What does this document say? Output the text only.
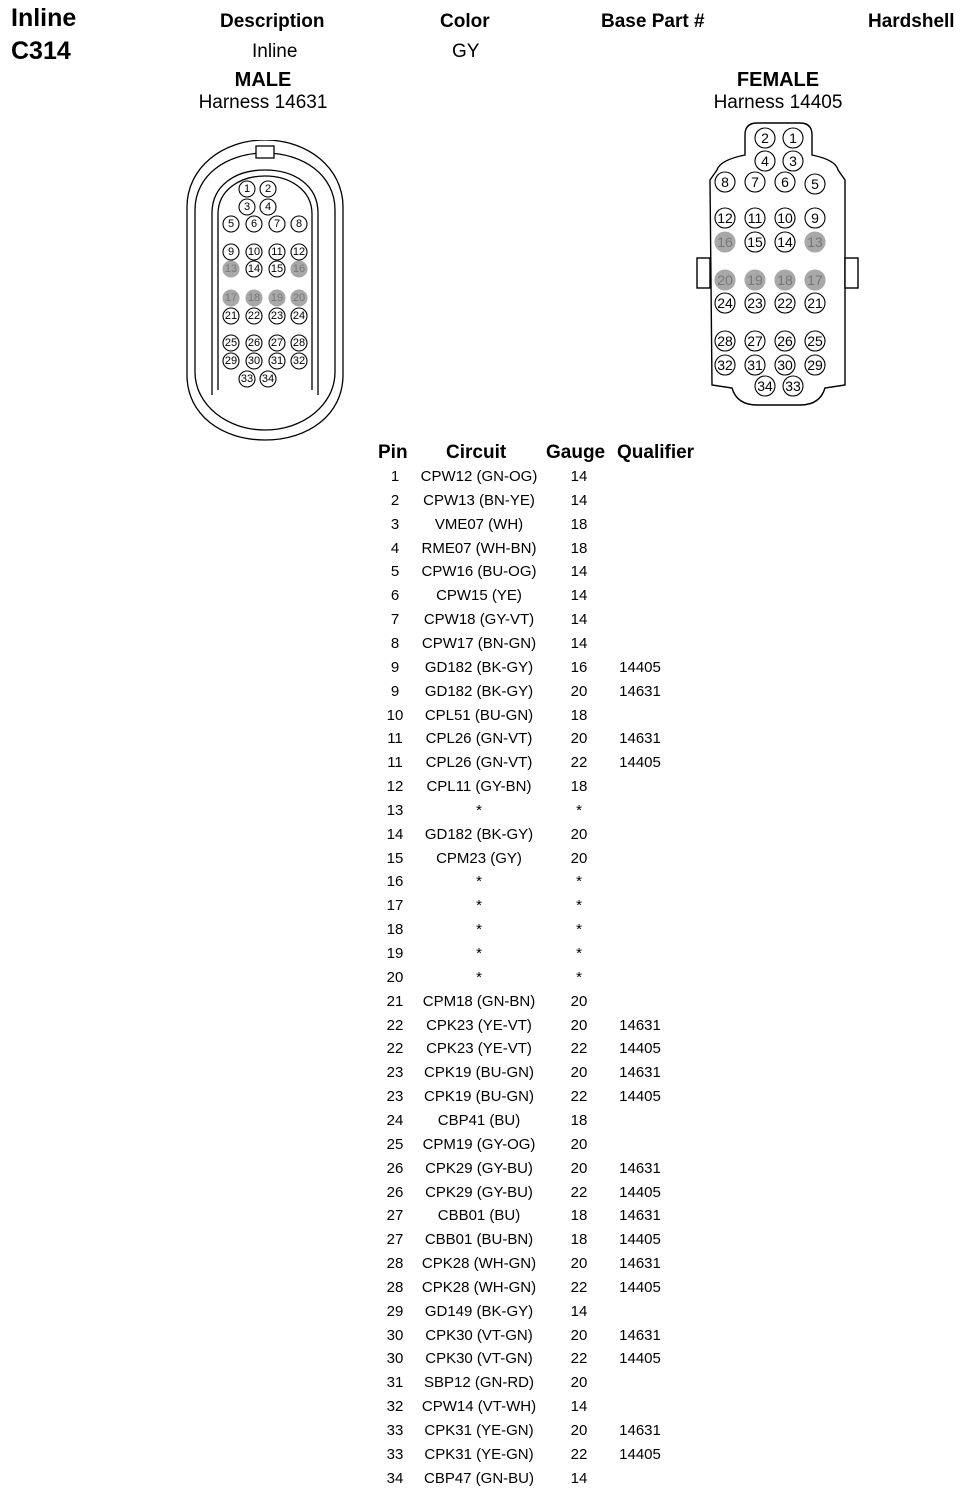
Inline
C314
Description	Color	Base Part #	Hardshell
Inline	GY
MALE
Harness 14631
FEMALE
Harness 14405
1 2
3 4
5 6 7 8
9 10 11 12
13 14 15 16
17 18 19 20
21 22 23 24
25 26 27 28
29 30 31 32
33 34
1
2
3
4
5
6
7
8
9
10
11
12
13
14
15
16
17
18
19
20
21
22
23
24
25
26
27
28
29
30
31
32
33
34
Pin Circuit Gauge Qualifier
1	CPW12 (GN-OG)	14
2	CPW13 (BN-YE)	14
3	VME07 (WH)	18
4	RME07 (WH-BN)	18
5	CPW16 (BU-OG)	14
6	CPW15 (YE)	14
7	CPW18 (GY-VT)	14
8	CPW17 (BN-GN)	14
9	GD182 (BK-GY)	16	14405
9	GD182 (BK-GY)	20	14631
10	CPL51 (BU-GN)	18
11	CPL26 (GN-VT)	20	14631
11	CPL26 (GN-VT)	22	14405
12	CPL11 (GY-BN)	18
13	*	*
14	GD182 (BK-GY)	20
15	CPM23 (GY)	20
16	*	*
17	*	*
18	*	*
19	*	*
20	*	*
21	CPM18 (GN-BN)	20
22	CPK23 (YE-VT)	20	14631
22	CPK23 (YE-VT)	22	14405
23	CPK19 (BU-GN)	20	14631
23	CPK19 (BU-GN)	22	14405
24	CBP41 (BU)	18
25	CPM19 (GY-OG)	20
26	CPK29 (GY-BU)	20	14631
26	CPK29 (GY-BU)	22	14405
27	CBB01 (BU)	18	14631
27	CBB01 (BU-BN)	18	14405
28	CPK28 (WH-GN)	20	14631
28	CPK28 (WH-GN)	22	14405
29	GD149 (BK-GY)	14
30	CPK30 (VT-GN)	20	14631
30	CPK30 (VT-GN)	22	14405
31	SBP12 (GN-RD)	20
32	CPW14 (VT-WH)	14
33	CPK31 (YE-GN)	20	14631
33	CPK31 (YE-GN)	22	14405
34	CBP47 (GN-BU)	14
